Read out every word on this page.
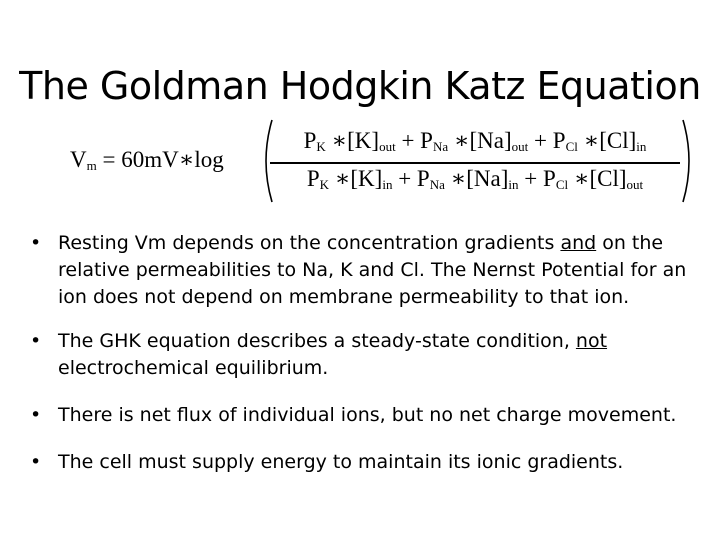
The Goldman Hodgkin Katz Equation
$V_m$ = 60mV∗log
$P_K$ $∗[K]_{out} + P_{Na}$ $∗[Na]_{out} + P_{Cl}$ $∗[Cl]_{in}$
$P_K$ $∗[K]_{in} + P_{Na}$ $∗[Na]_{in} + P_{Cl}$ $∗[Cl]_{out}$
• Resting Vm depends on the concentration gradients and on the relative permeabilities to Na, K and Cl. The Nernst Potential for an ion does not depend on membrane permeability to that ion.
• The GHK equation describes a steady-state condition, not electrochemical equilibrium.
• There is net flux of individual ions, but no net charge movement.
• The cell must supply energy to maintain its ionic gradients.
